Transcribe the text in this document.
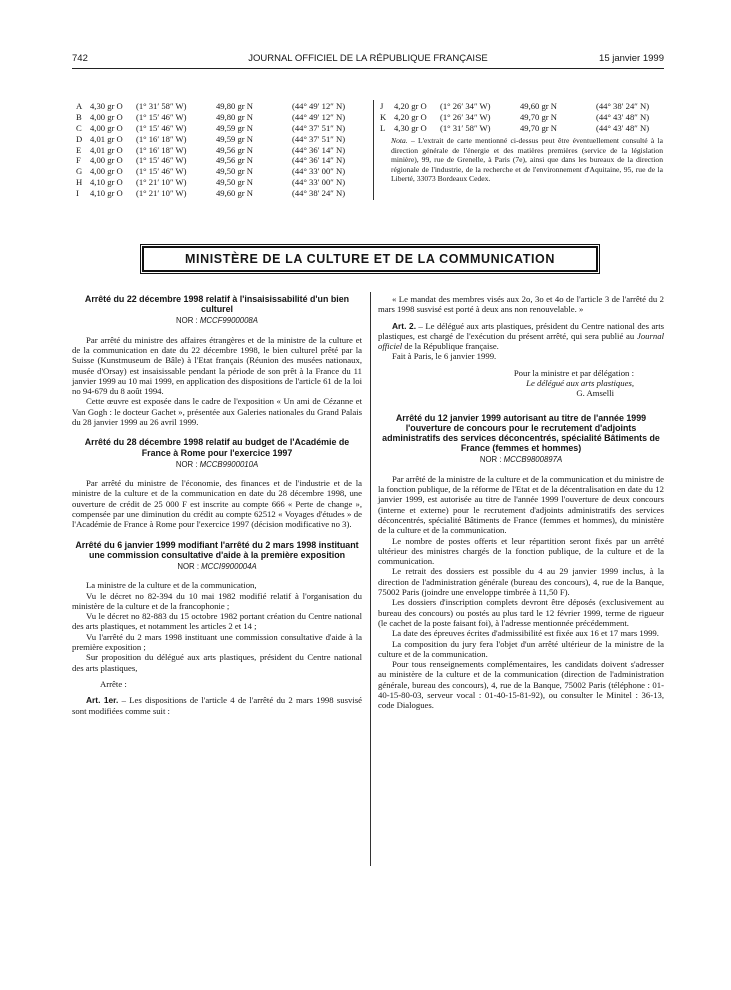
742	JOURNAL OFFICIEL DE LA RÉPUBLIQUE FRANÇAISE	15 janvier 1999
A 4,30 gr O (1° 31′ 58″ W)	49,80 gr N	(44° 49′ 12″ N)
B 4,00 gr O (1° 15′ 46″ W)	49,80 gr N	(44° 49′ 12″ N)
C 4,00 gr O (1° 15′ 46″ W)	49,59 gr N	(44° 37′ 51″ N)
D 4,01 gr O (1° 16′ 18″ W)	49,59 gr N	(44° 37′ 51″ N)
E 4,01 gr O (1° 16′ 18″ W)	49,56 gr N	(44° 36′ 14″ N)
F 4,00 gr O (1° 15′ 46″ W)	49,56 gr N	(44° 36′ 14″ N)
G 4,00 gr O (1° 15′ 46″ W)	49,50 gr N	(44° 33′ 00″ N)
H 4,10 gr O (1° 21′ 10″ W)	49,50 gr N	(44° 33′ 00″ N)
I 4,10 gr O (1° 21′ 10″ W)	49,60 gr N	(44° 38′ 24″ N)
J 4,20 gr O (1° 26′ 34″ W)	49,60 gr N	(44° 38′ 24″ N)
K 4,20 gr O (1° 26′ 34″ W)	49,70 gr N	(44° 43′ 48″ N)
L 4,30 gr O (1° 31′ 58″ W)	49,70 gr N	(44° 43′ 48″ N)
Nota. – L'extrait de carte mentionné ci-dessus peut être éventuellement consulté à la direction générale de l'énergie et des matières premières (service de la législation minière), 99, rue de Grenelle, à Paris (7e), ainsi que dans les bureaux de la direction régionale de l'industrie, de la recherche et de l'environnement d'Aquitaine, 95, rue de la Liberté, 33073 Bordeaux Cedex.
MINISTÈRE DE LA CULTURE ET DE LA COMMUNICATION

Arrêté du 22 décembre 1998 relatif à l'insaisissabilité d'un bien culturel

NOR : MCCF9900008A

Par arrêté du ministre des affaires étrangères et de la ministre de la culture et de la communication en date du 22 décembre 1998, le bien culturel prêté par la Suisse (Kunstmuseum de Bâle) à l'Etat français (Réunion des musées nationaux, musée d'Orsay) est insaisissable pendant la période de son prêt à la France du 11 janvier 1999 au 10 mai 1999, en application des dispositions de l'article 61 de la loi no 94-679 du 8 août 1994.

Cette œuvre est exposée dans le cadre de l'exposition « Un ami de Cézanne et Van Gogh : le docteur Gachet », présentée aux Galeries nationales du Grand Palais du 28 janvier 1999 au 26 avril 1999.

Arrêté du 28 décembre 1998 relatif au budget de l'Académie de France à Rome pour l'exercice 1997

NOR : MCCB9900010A

Par arrêté du ministre de l'économie, des finances et de l'industrie et de la ministre de la culture et de la communication en date du 28 décembre 1998, une ouverture de crédit de 25 000 F est inscrite au compte 666 « Perte de change », compensée par une diminution du crédit au compte 62512 « Voyages d'études » de l'Académie de France à Rome pour l'exercice 1997 (décision modificative no 3).

Arrêté du 6 janvier 1999 modifiant l'arrêté du 2 mars 1998 instituant une commission consultative d'aide à la première exposition

NOR : MCCI9900004A

La ministre de la culture et de la communication,

Vu le décret no 82-394 du 10 mai 1982 modifié relatif à l'organisation du ministère de la culture et de la francophonie ;

Vu le décret no 82-883 du 15 octobre 1982 portant création du Centre national des arts plastiques, et notamment les articles 2 et 14 ;

Vu l'arrêté du 2 mars 1998 instituant une commission consultative d'aide à la première exposition ;

Sur proposition du délégué aux arts plastiques, président du Centre national des arts plastiques,

Arrête :

Art. 1er. – Les dispositions de l'article 4 de l'arrêté du 2 mars 1998 susvisé sont modifiées comme suit :

« Le mandat des membres visés aux 2o, 3o et 4o de l'article 3 de l'arrêté du 2 mars 1998 susvisé est porté à deux ans non renouvelable. »

Art. 2. – Le délégué aux arts plastiques, président du Centre national des arts plastiques, est chargé de l'exécution du présent arrêté, qui sera publié au Journal officiel de la République française.

Fait à Paris, le 6 janvier 1999.

Pour la ministre et par délégation :

Le délégué aux arts plastiques,

G. Amselli

Arrêté du 12 janvier 1999 autorisant au titre de l'année 1999 l'ouverture de concours pour le recrutement d'adjoints administratifs des services déconcentrés, spécialité Bâtiments de France (femmes et hommes)

NOR : MCCB9800897A

Par arrêté de la ministre de la culture et de la communication et du ministre de la fonction publique, de la réforme de l'Etat et de la décentralisation en date du 12 janvier 1999, est autorisée au titre de l'année 1999 l'ouverture de deux concours (interne et externe) pour le recrutement d'adjoints administratifs des services déconcentrés, spécialité Bâtiments de France (femmes et hommes), du ministère de la culture et de la communication.

Le nombre de postes offerts et leur répartition seront fixés par un arrêté ultérieur des ministres chargés de la fonction publique, de la culture et de la communication.

Le retrait des dossiers est possible du 4 au 29 janvier 1999 inclus, à la direction de l'administration générale (bureau des concours), 4, rue de la Banque, 75002 Paris (joindre une enveloppe timbrée à 11,50 F).

Les dossiers d'inscription complets devront être déposés (exclusivement au bureau des concours) ou postés au plus tard le 12 février 1999, terme de rigueur (le cachet de la poste faisant foi), à l'adresse mentionnée précédemment.

La date des épreuves écrites d'admissibilité est fixée aux 16 et 17 mars 1999.

La composition du jury fera l'objet d'un arrêté ultérieur de la ministre de la culture et de la communication.

Pour tous renseignements complémentaires, les candidats doivent s'adresser au ministère de la culture et de la communication (direction de l'administration générale, bureau des concours), 4, rue de la Banque, 75002 Paris (téléphone : 01-40-15-80-03, serveur vocal : 01-40-15-81-92), ou consulter le Minitel : 36-13, code Dialogues.
